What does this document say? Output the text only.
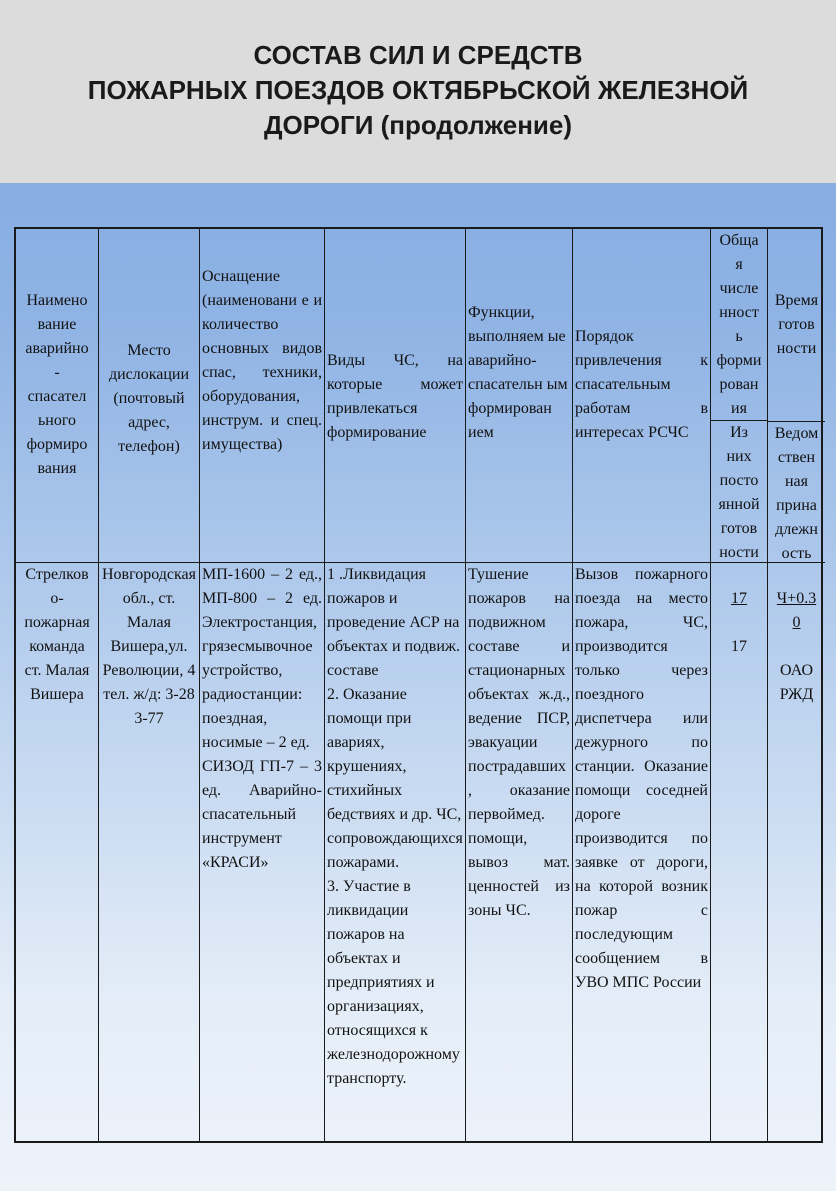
СОСТАВ СИЛ И СРЕДСТВ
ПОЖАРНЫХ ПОЕЗДОВ ОКТЯБРЬСКОЙ ЖЕЛЕЗНОЙ
ДОРОГИ (продолжение)
Наимено
вание
аварийно
-
спасател
ьного
формиро
вания
Место
дислокации
(почтовый
адрес,
телефон)
Оснащение (наименовани е и количество основных видов спас, техники, оборудования, инструм. и спец. имущества)
Виды ЧС, на которые может привлекаться формирование
Функции, выполняем ые аварийно-спасательн ым формирован ием
Порядок привлечения к спасательным работам в интересах РСЧС
Обща
я
числе
нност
ь
форми
рован
ия
Время
готов
ности
Из
них
посто
янной
готов
ности
Ведом
ствен
ная
прина
длежн
ость
Стрелков
о-
пожарная
команда
ст. Малая
Вишера
Новгородская обл., ст. Малая Вишера,ул. Революции, 4
тел. ж/д: 3-28
3-77
МП-1600 – 2 ед., МП-800 – 2 ед. Электростанция, грязесмывочное устройство, радиостанции: поездная, носимые – 2 ед.
СИЗОД ГП-7 – 3 ед. Аварийно-спасательный инструмент «КРАСИ»
1 .Ликвидация пожаров и проведение АСР на объектах и подвиж. составе
2. Оказание помощи при авариях, крушениях, стихийных бедствиях и др. ЧС, сопровождающихся пожарами.
3. Участие в ликвидации пожаров на объектах и предприятиях и организациях, относящихся к железнодорожному транспорту.
Тушение пожаров на подвижном составе и стационарных объектах ж.д., ведение ПСР, эвакуации пострадавших, оказание первоймед. помощи, вывоз мат. ценностей из зоны ЧС.
Вызов пожарного поезда на место пожара, ЧС, производится только через поездного диспетчера или дежурного по станции. Оказание помощи соседней дороге производится по заявке от дороги, на которой возник пожар с последующим сообщением в УВО МПС России

17

17

Ч+0.3
0

ОАО
РЖД
